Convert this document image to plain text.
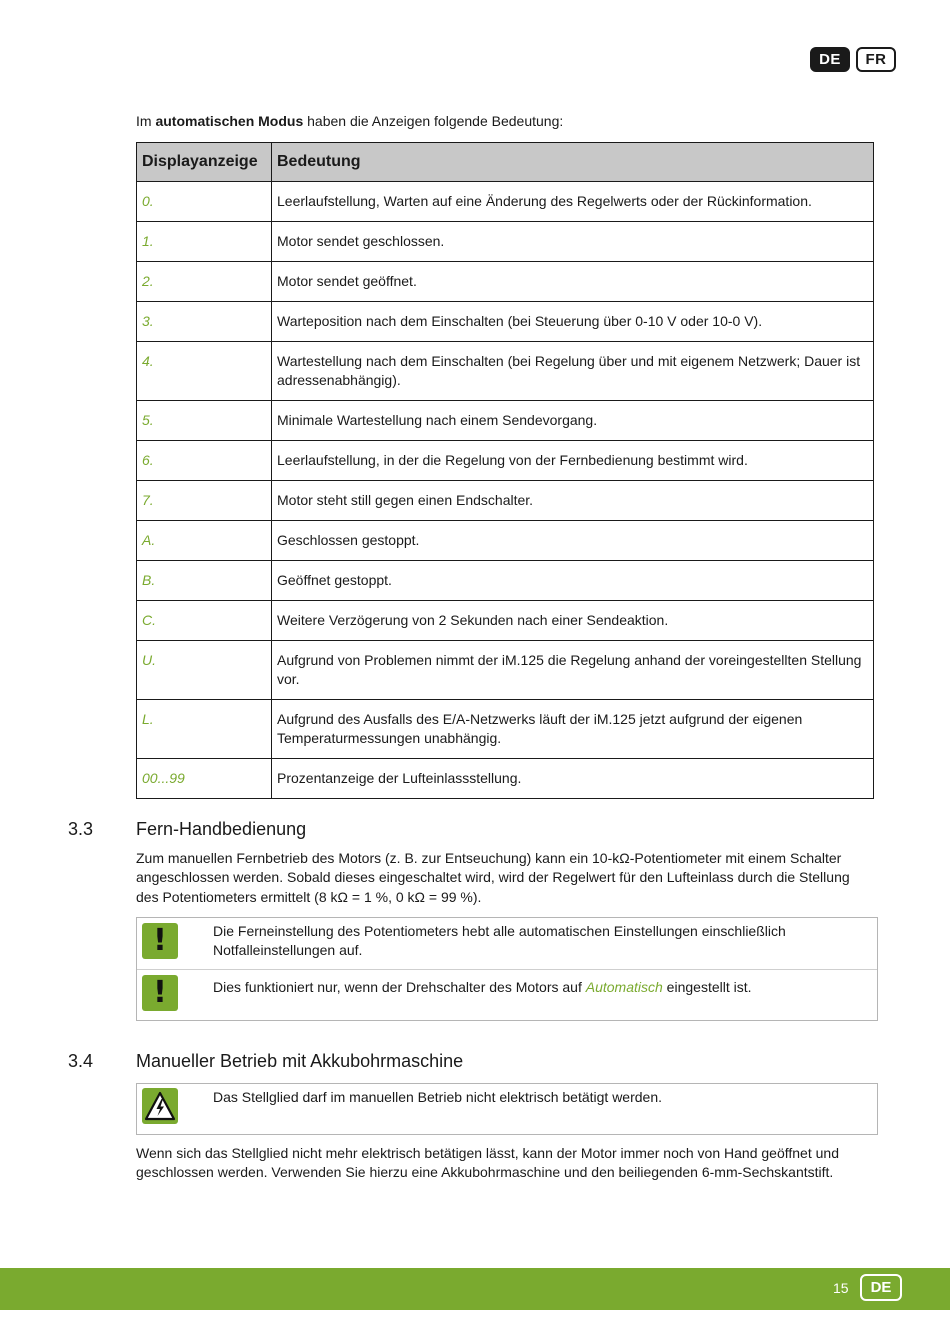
DE	FR
Im automatischen Modus haben die Anzeigen folgende Bedeutung:
Displayanzeige	Bedeutung
0.	Leerlaufstellung, Warten auf eine Änderung des Regelwerts oder der Rückinformation.
1.	Motor sendet geschlossen.
2.	Motor sendet geöffnet.
3.	Warteposition nach dem Einschalten (bei Steuerung über 0-10 V oder 10-0 V).
4.	Wartestellung nach dem Einschalten (bei Regelung über und mit eigenem Netzwerk; Dauer ist adressenabhängig).
5.	Minimale Wartestellung nach einem Sendevorgang.
6.	Leerlaufstellung, in der die Regelung von der Fernbedienung bestimmt wird.
7.	Motor steht still gegen einen Endschalter.
A.	Geschlossen gestoppt.
B.	Geöffnet gestoppt.
C.	Weitere Verzögerung von 2 Sekunden nach einer Sendeaktion.
U.	Aufgrund von Problemen nimmt der iM.125 die Regelung anhand der voreingestellten Stellung vor.
L.	Aufgrund des Ausfalls des E/A-Netzwerks läuft der iM.125 jetzt aufgrund der eigenen Temperaturmessungen unabhängig.
00...99	Prozentanzeige der Lufteinlassstellung.
3.3 Fern-Handbedienung
Zum manuellen Fernbetrieb des Motors (z. B. zur Entseuchung) kann ein 10-kΩ-Potentiometer mit einem Schalter angeschlossen werden. Sobald dieses eingeschaltet wird, wird der Regelwert für den Lufteinlass durch die Stellung des Potentiometers ermittelt (8 kΩ = 1 %, 0 kΩ = 99 %).
!	Die Ferneinstellung des Potentiometers hebt alle automatischen Einstellungen einschließlich Notfalleinstellungen auf.
!	Dies funktioniert nur, wenn der Drehschalter des Motors auf Automatisch eingestellt ist.
3.4 Manueller Betrieb mit Akkubohrmaschine
Das Stellglied darf im manuellen Betrieb nicht elektrisch betätigt werden.
Wenn sich das Stellglied nicht mehr elektrisch betätigen lässt, kann der Motor immer noch von Hand geöffnet und geschlossen werden. Verwenden Sie hierzu eine Akkubohrmaschine und den beiliegenden 6-mm-Sechskantstift.
15	DE
